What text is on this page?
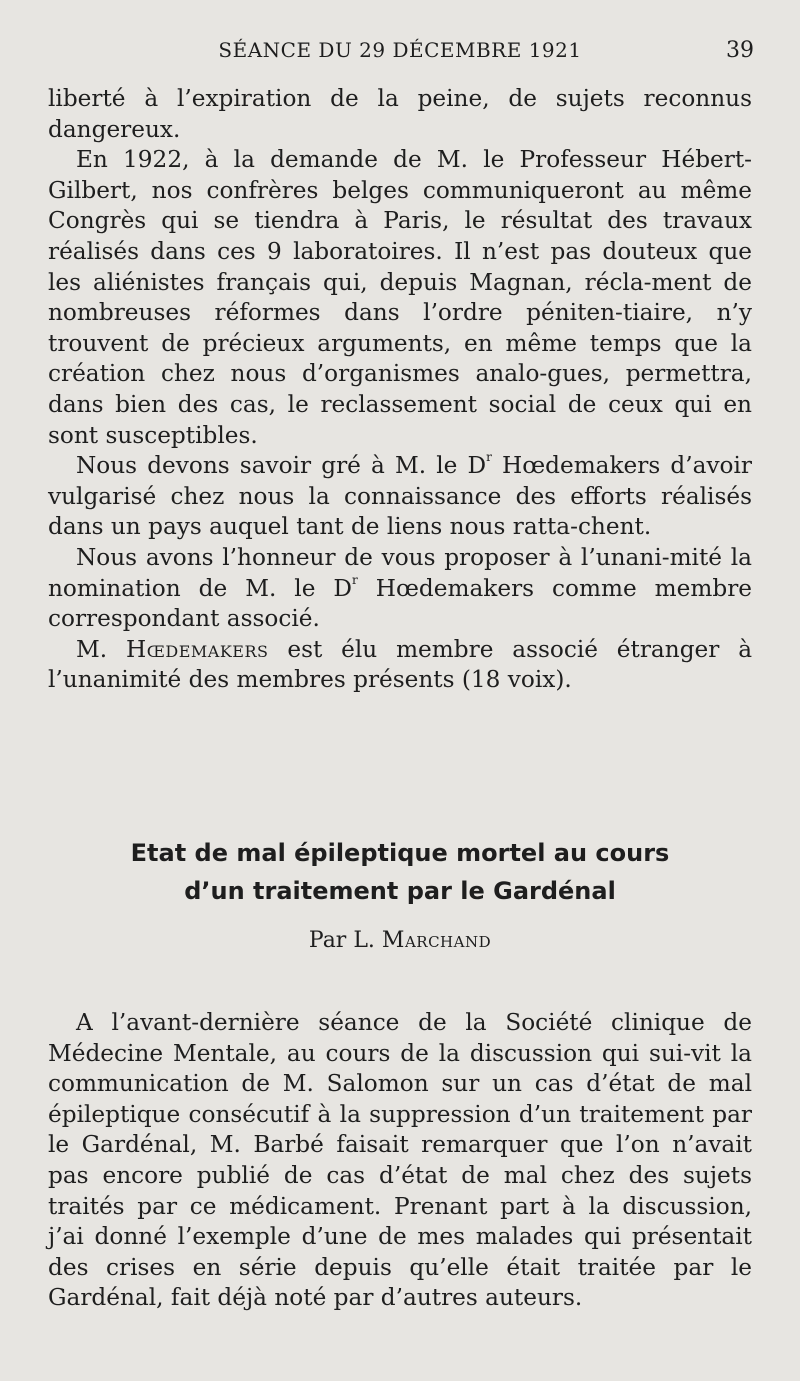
SÉANCE DU 29 DÉCEMBRE 1921	39

liberté à l’expiration de la peine, de sujets reconnus dangereux.

En 1922, à la demande de M. le Professeur Hébert-Gilbert, nos confrères belges communiqueront au même Congrès qui se tiendra à Paris, le résultat des travaux réalisés dans ces 9 laboratoires. Il n’est pas douteux que les aliénistes français qui, depuis Magnan, récla-ment de nombreuses réformes dans l’ordre péniten-tiaire, n’y trouvent de précieux arguments, en même temps que la création chez nous d’organismes analo-gues, permettra, dans bien des cas, le reclassement social de ceux qui en sont susceptibles.

Nous devons savoir gré à M. le $D^r$ Hœdemakers d’avoir vulgarisé chez nous la connaissance des efforts réalisés dans un pays auquel tant de liens nous ratta-chent.

Nous avons l’honneur de vous proposer à l’unani-mité la nomination de M. le $D^r$ Hœdemakers comme membre correspondant associé.

M. Hœdemakers est élu membre associé étranger à l’unanimité des membres présents (18 voix).

Etat de mal épileptique mortel au cours
d’un traitement par le Gardénal
Par L. Marchand

A l’avant-dernière séance de la Société clinique de Médecine Mentale, au cours de la discussion qui sui-vit la communication de M. Salomon sur un cas d’état de mal épileptique consécutif à la suppression d’un traitement par le Gardénal, M. Barbé faisait remarquer que l’on n’avait pas encore publié de cas d’état de mal chez des sujets traités par ce médicament. Prenant part à la discussion, j’ai donné l’exemple d’une de mes malades qui présentait des crises en série depuis qu’elle était traitée par le Gardénal, fait déjà noté par d’autres auteurs.
